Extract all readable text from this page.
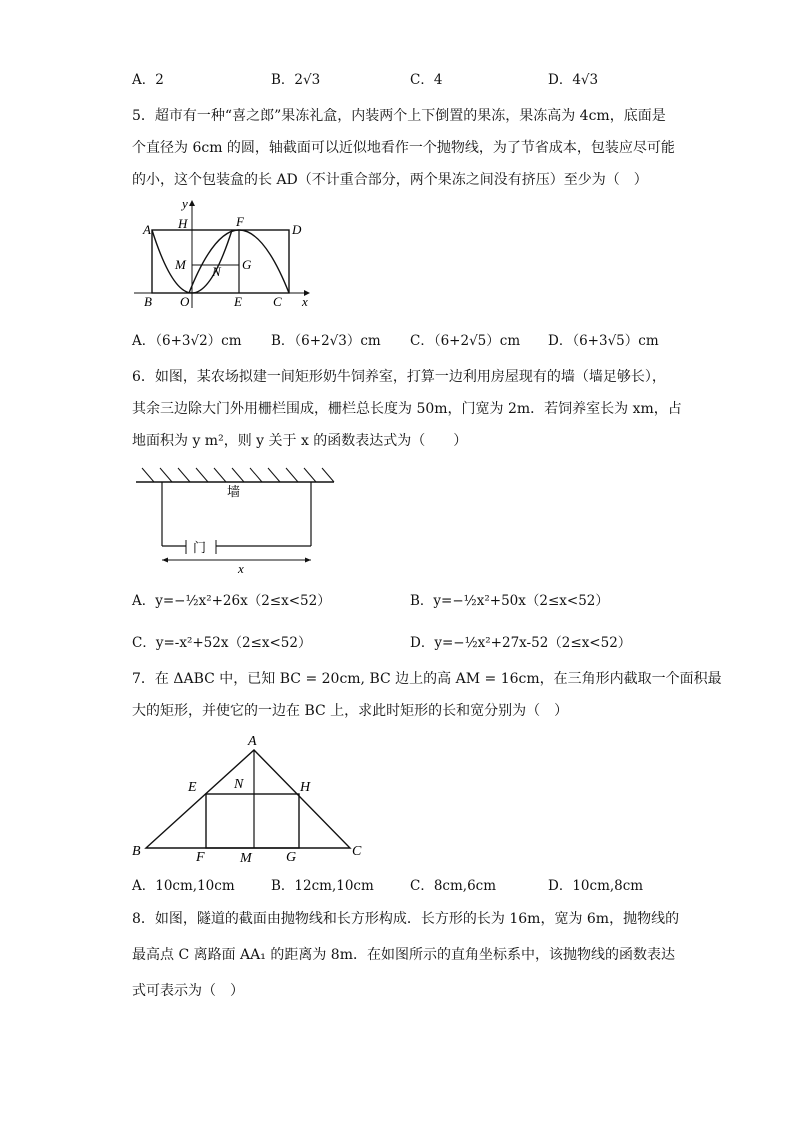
A．2	B．2√3	C．4	D．4√3
5．超市有一种“喜之郎”果冻礼盒，内装两个上下倒置的果冻，果冻高为 4cm，底面是
个直径为 6cm 的圆，轴截面可以近似地看作一个抛物线，为了节省成本，包装应尽可能
的小，这个包装盒的长 AD（不计重合部分，两个果冻之间没有挤压）至少为（　）
A H	F
D
M N G
B O	E C x
y
A．（6+3√2）cm B．（6+2√3）cm C．（6+2√5）cm D．（6+3√5）cm
6．如图，某农场拟建一间矩形奶牛饲养室，打算一边利用房屋现有的墙（墙足够长），
其余三边除大门外用栅栏围成，栅栏总长度为 50m，门宽为 2m．若饲养室长为 xm，占
地面积为 y m²，则 y 关于 x 的函数表达式为（　　）
墙
门
x
A．y=−½x²+26x（2≤x<52）	B．y=−½x²+50x（2≤x<52）
C．y=-x²+52x（2≤x<52）	D．y=−½x²+27x-52（2≤x<52）
7．在 ΔABC 中，已知 BC = 20cm, BC 边上的高 AM = 16cm，在三角形内截取一个面积最
大的矩形，并使它的一边在 BC 上，求此时矩形的长和宽分别为（　）
A
E	N	H
B	F	M G	C
A．10cm,10cm	B．12cm,10cm	C．8cm,6cm	D．10cm,8cm
8．如图，隧道的截面由抛物线和长方形构成．长方形的长为 16m，宽为 6m，抛物线的
最高点 C 离路面 AA₁ 的距离为 8m．在如图所示的直角坐标系中，该抛物线的函数表达
式可表示为（　）
